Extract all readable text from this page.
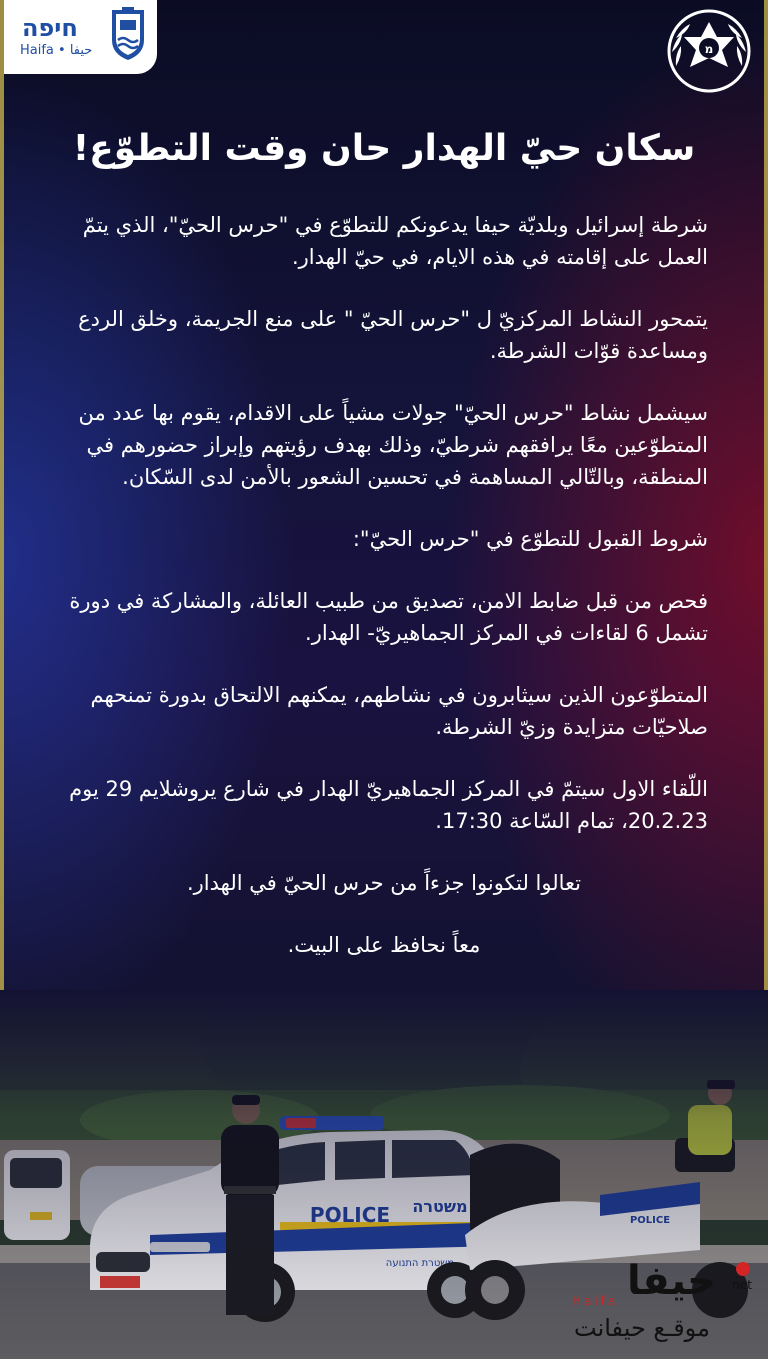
חיפה
Haifa • حيفا	מ
سكان حيّ الهدار حان وقت التطوّع!

شرطة إسرائيل وبلديّة حيفا يدعونكم للتطوّع في "حرس الحيّ"، الذي يتمّ العمل على إقامته في هذه الايام، في حيّ الهدار.

يتمحور النشاط المركزيّ ل "حرس الحيّ " على منع الجريمة، وخلق الردع ومساعدة قوّات الشرطة.

سيشمل نشاط "حرس الحيّ" جولات مشياً على الاقدام، يقوم بها عدد من المتطوّعين معًا يرافقهم شرطيّ، وذلك بهدف رؤيتهم وإبراز حضورهم في المنطقة، وبالتّالي المساهمة في تحسين الشعور بالأمن لدى السّكان.

شروط القبول للتطوّع في "حرس الحيّ":

فحص من قبل ضابط الامن، تصديق من طبيب العائلة، والمشاركة في دورة تشمل 6 لقاءات في المركز الجماهيريّ- الهدار.

المتطوّعون الذين سيثابرون في نشاطهم، يمكنهم الالتحاق بدورة تمنحهم صلاحيّات متزايدة وزيّ الشرطة.

اللّقاء الاول سيتمّ في المركز الجماهيريّ الهدار في شارع يروشلايم 29 يوم 20.2.23، تمام السّاعة 17:30.

تعالوا لتكونوا جزءاً من حرس الحيّ في الهدار.

معاً نحافظ على البيت.

حيفا net
Haifa
موقـع حيفانت
